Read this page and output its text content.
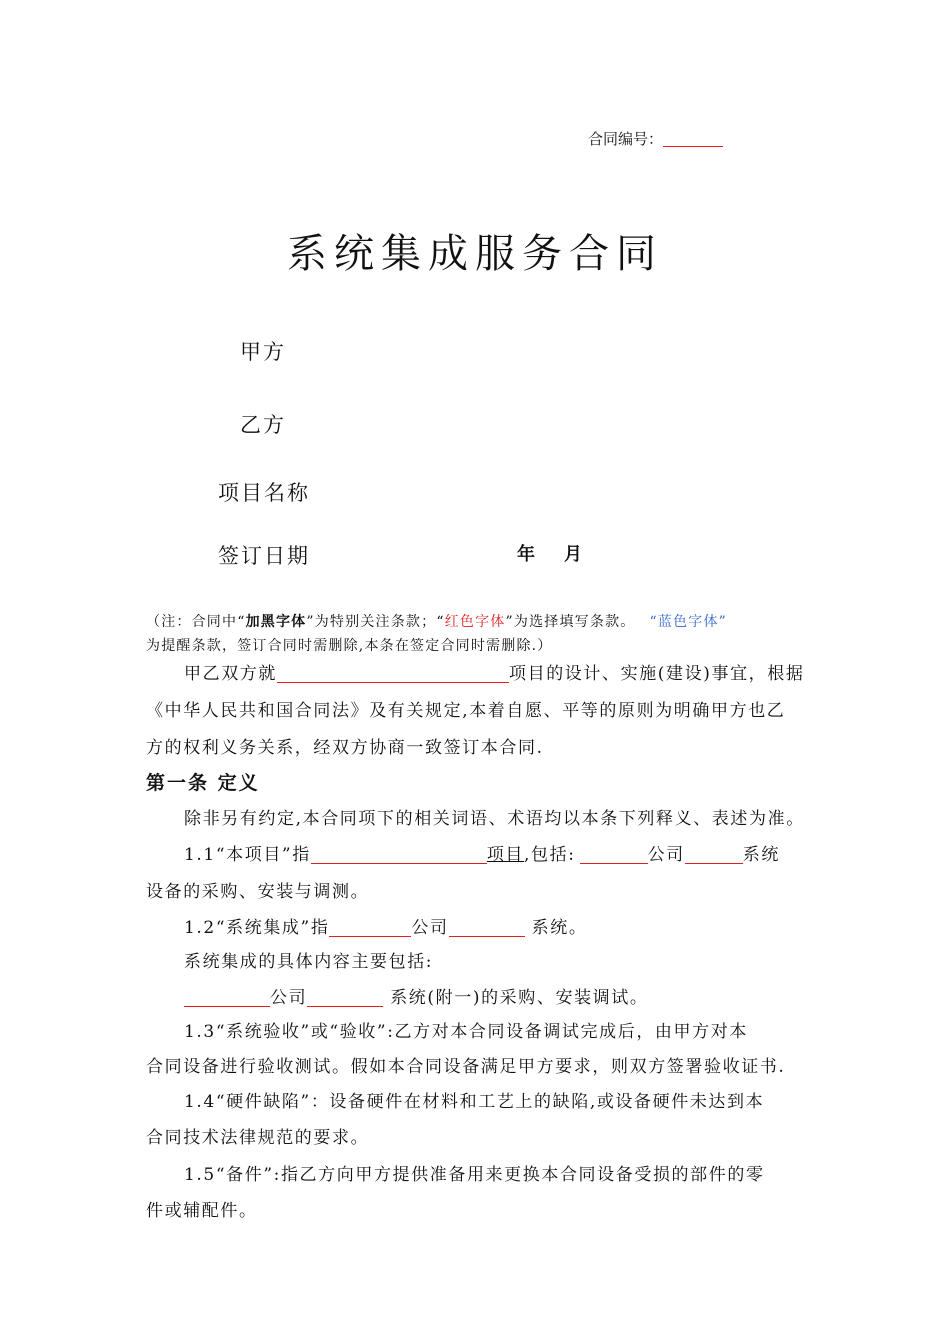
合同编号：
系统集成服务合同
甲方
乙方
项目名称
签订日期	年 月
（注：合同中“加黑字体”为特别关注条款；“红色字体”为选择填写条款。 “蓝色字体”
为提醒条款，签订合同时需删除,本条在签定合同时需删除.）
甲乙双方就	项目的设计、实施(建设)事宜，根据
《中华人民共和国合同法》及有关规定,本着自愿、平等的原则为明确甲方也乙
方的权利义务关系，经双方协商一致签订本合同.
第一条 定义
除非另有约定,本合同项下的相关词语、术语均以本条下列释义、表述为准。
1.1“本项目”指	项目,包括:	公司	系统
设备的采购、安装与调测。
1.2“系统集成”指	公司	系统。
系统集成的具体内容主要包括:
公司	系统(附一)的采购、安装调试。
1.3“系统验收”或“验收”:乙方对本合同设备调试完成后，由甲方对本
合同设备进行验收测试。假如本合同设备满足甲方要求，则双方签署验收证书.
1.4“硬件缺陷”：设备硬件在材料和工艺上的缺陷,或设备硬件未达到本
合同技术法律规范的要求。
1.5“备件”:指乙方向甲方提供准备用来更换本合同设备受损的部件的零
件或辅配件。
